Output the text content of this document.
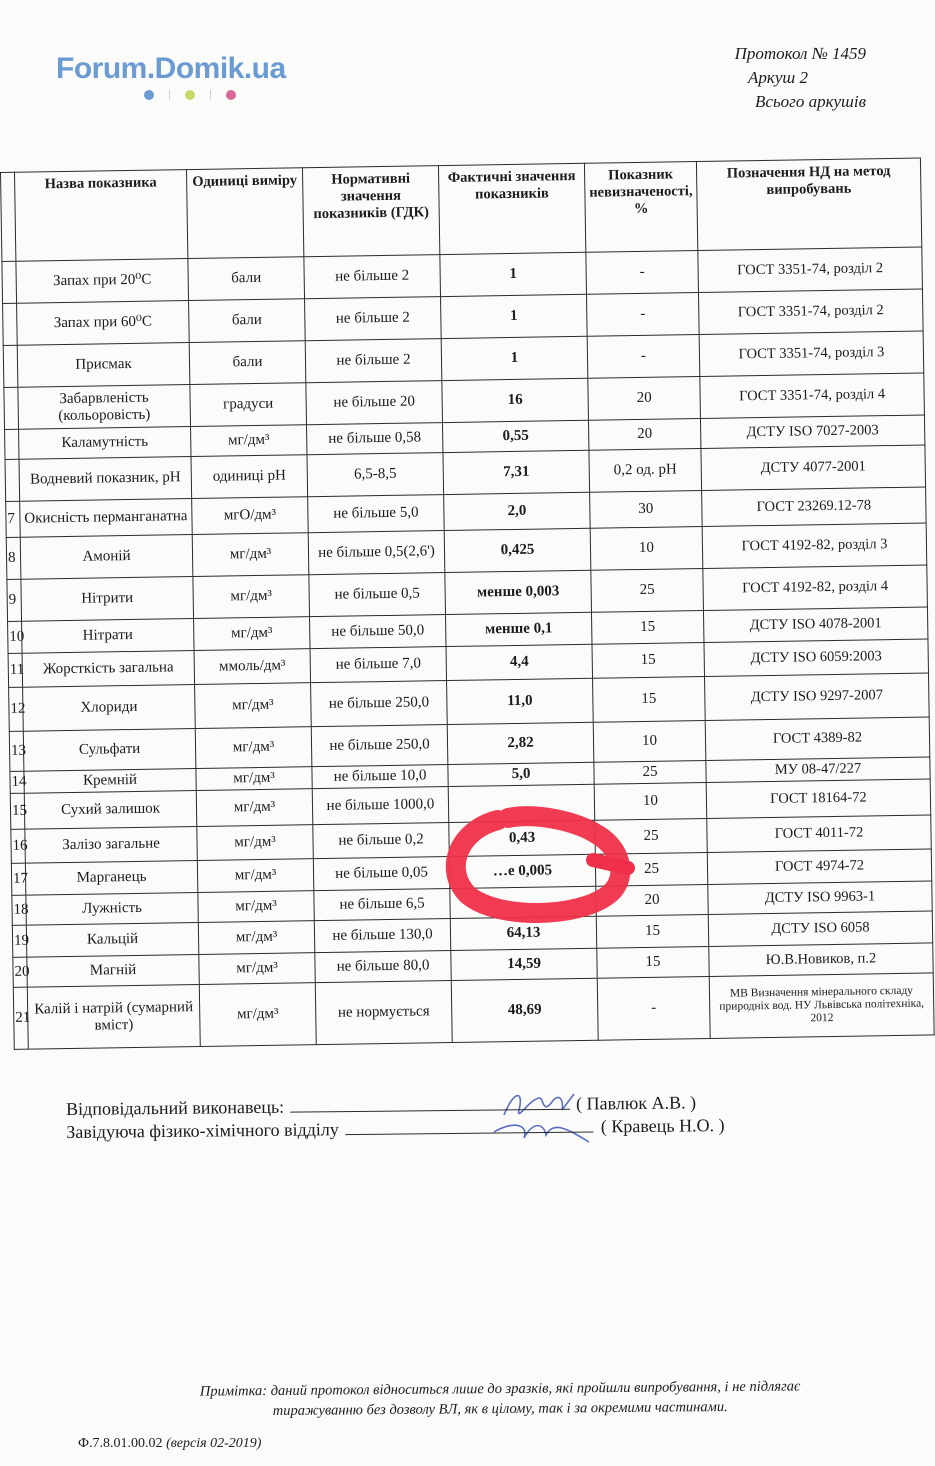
Forum.Domik.ua	Протокол № 1459
Аркуш 2
Всього аркушів
	Назва показника	Одиниці виміру	Нормативні значення показників (ГДК)	Фактичні значення показників	Показник невизначеності, %	Позначення НД на метод випробувань
	Запах при 20⁰С	бали	не більше 2	1	-	ГОСТ 3351-74, розділ 2
	Запах при 60⁰С	бали	не більше 2	1	-	ГОСТ 3351-74, розділ 2
	Присмак	бали	не більше 2	1	-	ГОСТ 3351-74, розділ 3
	Забарвленість (кольоровість)	градуси	не більше 20	16	20	ГОСТ 3351-74, розділ 4
	Каламутність	мг/дм³	не більше 0,58	0,55	20	ДСТУ ISO 7027-2003
	Водневий показник, pH	одиниці pH	6,5-8,5	7,31	0,2 од. pH	ДСТУ 4077-2001
7	Окисність перманганатна	мгО/дм³	не більше 5,0	2,0	30	ГОСТ 23269.12-78
8	Амоній	мг/дм³	не більше 0,5(2,6')	0,425	10	ГОСТ 4192-82, розділ 3
9	Нітрити	мг/дм³	не більше 0,5	менше 0,003	25	ГОСТ 4192-82, розділ 4
10	Нітрати	мг/дм³	не більше 50,0	менше 0,1	15	ДСТУ ISO 4078-2001
11	Жорсткість загальна	ммоль/дм³	не більше 7,0	4,4	15	ДСТУ ISO 6059:2003
12	Хлориди	мг/дм³	не більше 250,0	11,0	15	ДСТУ ISO 9297-2007
13	Сульфати	мг/дм³	не більше 250,0	2,82	10	ГОСТ 4389-82
14	Кремній	мг/дм³	не більше 10,0	5,0	25	МУ 08-47/227
15	Сухий залишок	мг/дм³	не більше 1000,0		10	ГОСТ 18164-72
16	Залізо загальне	мг/дм³	не більше 0,2	0,43	25	ГОСТ 4011-72
17	Марганець	мг/дм³	не більше 0,05	…е 0,005	25	ГОСТ 4974-72
18	Лужність	мг/дм³	не більше 6,5		20	ДСТУ ISO 9963-1
19	Кальцій	мг/дм³	не більше 130,0	64,13	15	ДСТУ ISO 6058
20	Магній	мг/дм³	не більше 80,0	14,59	15	Ю.В.Новиков, п.2
21	Калій і натрій (сумарний вміст)	мг/дм³	не нормується	48,69	-	МВ Визначення мінерального складу природніх вод. НУ Львівська політехніка, 2012
Відповідальний виконавець:	( Павлюк А.В. )
Завідуюча фізико-хімічного відділу	( Кравець Н.О. )
Примітка: даний протокол відноситься лише до зразків, які пройшли випробування, і не підлягає тиражуванню без дозволу ВЛ, як в цілому, так і за окремими частинами.
Ф.7.8.01.00.02 (версія 02-2019)
